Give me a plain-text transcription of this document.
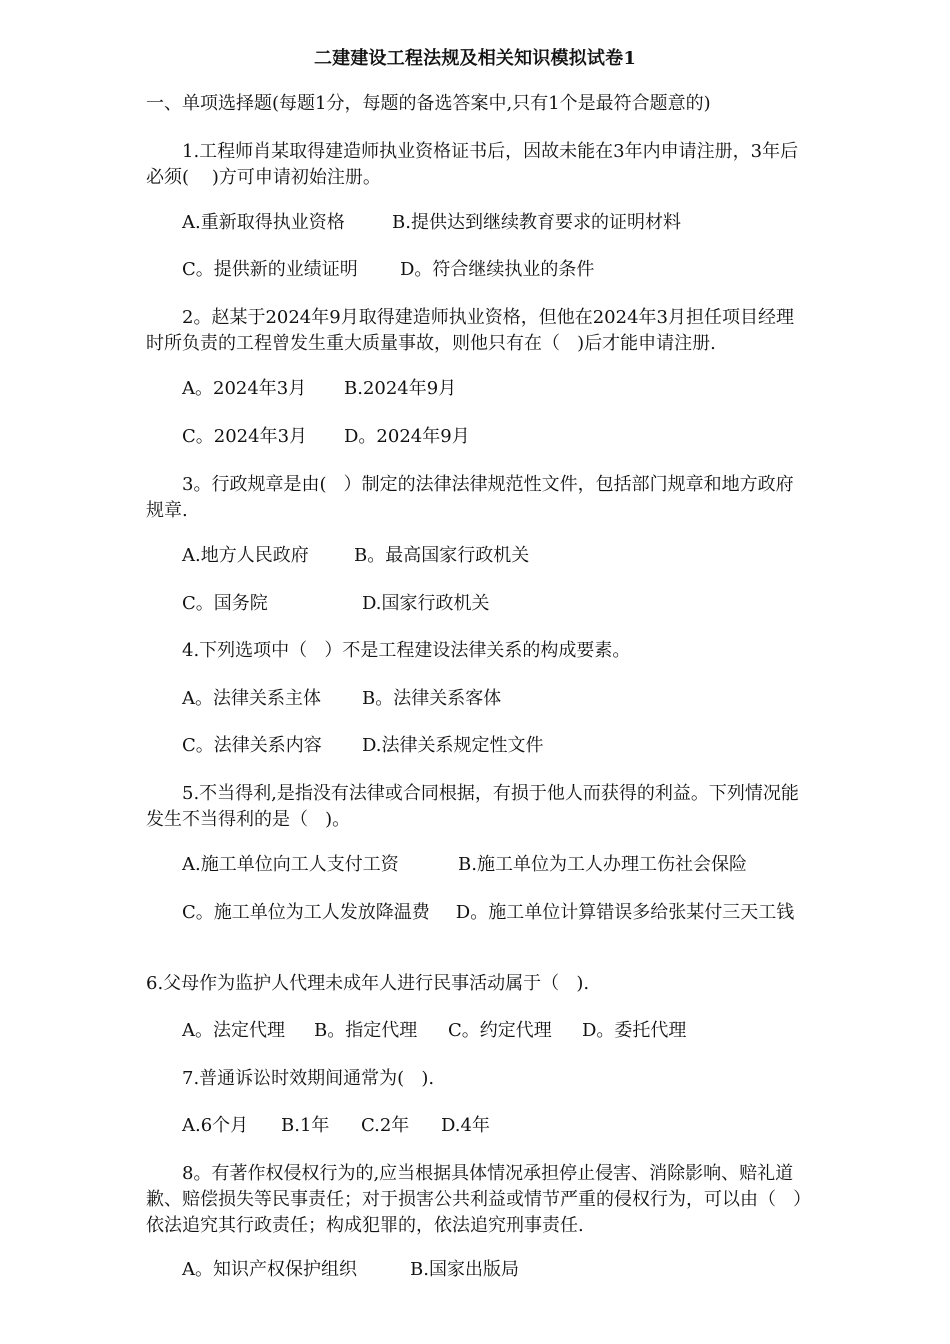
二建建设工程法规及相关知识模拟试卷1
一、单项选择题(每题1分，每题的备选答案中,只有1个是最符合题意的)
1.工程师肖某取得建造师执业资格证书后，因故未能在3年内申请注册，3年后必须(    )方可申请初始注册。
A.重新取得执业资格	B.提供达到继续教育要求的证明材料
C。提供新的业绩证明 D。符合继续执业的条件
2。赵某于2024年9月取得建造师执业资格，但他在2024年3月担任项目经理时所负责的工程曾发生重大质量事故，则他只有在（   )后才能申请注册.
A。2024年3月 B.2024年9月
C。2024年3月 D。2024年9月
3。行政规章是由(   ）制定的法律法律规范性文件，包括部门规章和地方政府规章.
A.地方人民政府	B。最高国家行政机关
C。国务院	D.国家行政机关
4.下列选项中（   ）不是工程建设法律关系的构成要素。
A。法律关系主体 B。法律关系客体
C。法律关系内容 D.法律关系规定性文件
5.不当得利,是指没有法律或合同根据，有损于他人而获得的利益。下列情况能发生不当得利的是（   )。
A.施工单位向工人支付工资	B.施工单位为工人办理工伤社会保险
C。施工单位为工人发放降温费 D。施工单位计算错误多给张某付三天工钱
6.父母作为监护人代理未成年人进行民事活动属于（   ).
A。法定代理 B。指定代理 C。约定代理 D。委托代理
7.普通诉讼时效期间通常为(   ).
A.6个月 B.1年 C.2年 D.4年
8。有著作权侵权行为的,应当根据具体情况承担停止侵害、消除影响、赔礼道歉、赔偿损失等民事责任；对于损害公共利益或情节严重的侵权行为，可以由（   ）依法追究其行政责任；构成犯罪的，依法追究刑事责任.
A。知识产权保护组织	B.国家出版局
